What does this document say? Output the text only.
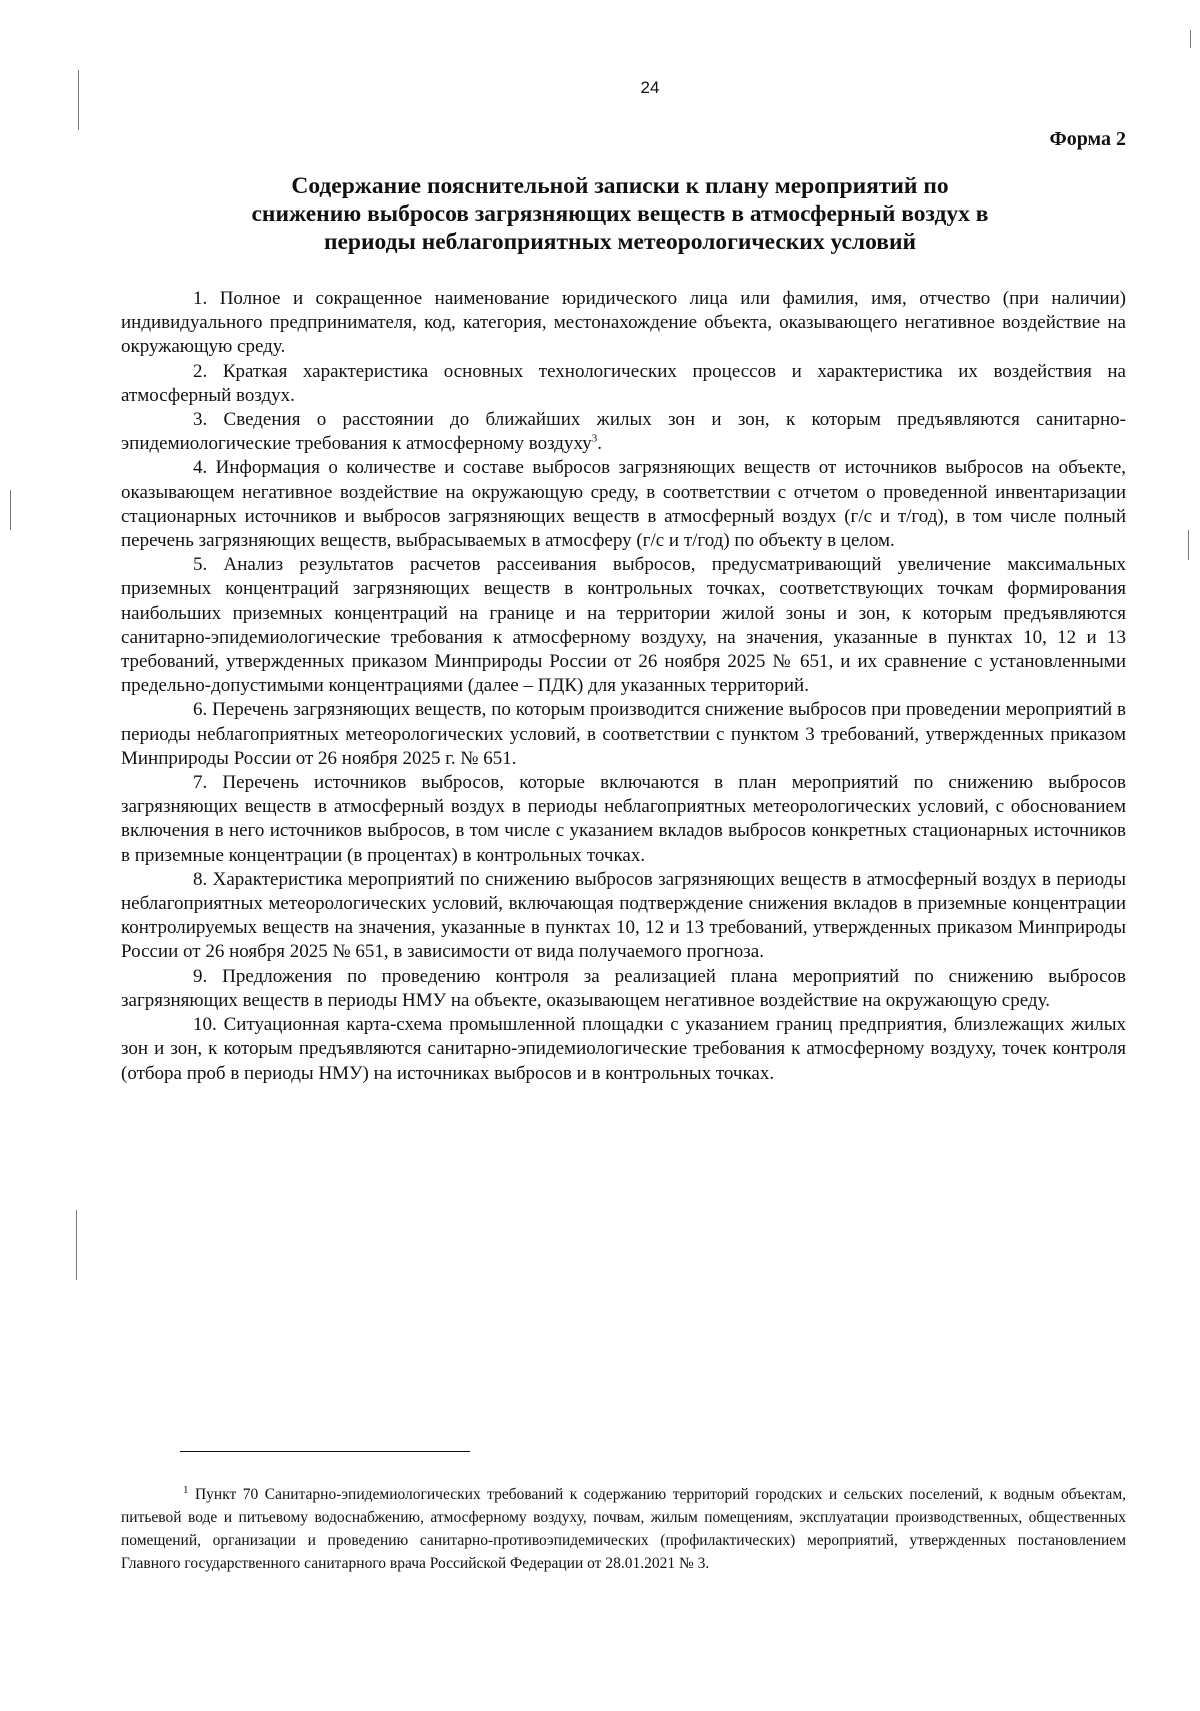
24
Форма 2
Содержание пояснительной записки к плану мероприятий по
снижению выбросов загрязняющих веществ в атмосферный воздух в
периоды неблагоприятных метеорологических условий

1. Полное и сокращенное наименование юридического лица или фамилия, имя, отчество (при наличии) индивидуального предпринимателя, код, категория, местонахождение объекта, оказывающего негативное воздействие на окружающую среду.

2. Краткая характеристика основных технологических процессов и характеристика их воздействия на атмосферный воздух.

3. Сведения о расстоянии до ближайших жилых зон и зон, к которым предъявляются санитарно-эпидемиологические требования к атмосферному воздуху$^3$.

4. Информация о количестве и составе выбросов загрязняющих веществ от источников выбросов на объекте, оказывающем негативное воздействие на окружающую среду, в соответствии с отчетом о проведенной инвентаризации стационарных источников и выбросов загрязняющих веществ в атмосферный воздух (г/с и т/год), в том числе полный перечень загрязняющих веществ, выбрасываемых в атмосферу (г/с и т/год) по объекту в целом.

5. Анализ результатов расчетов рассеивания выбросов, предусматривающий увеличение максимальных приземных концентраций загрязняющих веществ в контрольных точках, соответствующих точкам формирования наибольших приземных концентраций на границе и на территории жилой зоны и зон, к которым предъявляются санитарно-эпидемиологические требования к атмосферному воздуху, на значения, указанные в пунктах 10, 12 и 13 требований, утвержденных приказом Минприроды России от 26 ноября 2025 № 651, и их сравнение с установленными предельно-допустимыми концентрациями (далее – ПДК) для указанных территорий.

6. Перечень загрязняющих веществ, по которым производится снижение выбросов при проведении мероприятий в периоды неблагоприятных метеорологических условий, в соответствии с пунктом 3 требований, утвержденных приказом Минприроды России от 26 ноября 2025 г. № 651.

7. Перечень источников выбросов, которые включаются в план мероприятий по снижению выбросов загрязняющих веществ в атмосферный воздух в периоды неблагоприятных метеорологических условий, с обоснованием включения в него источников выбросов, в том числе с указанием вкладов выбросов конкретных стационарных источников в приземные концентрации (в процентах) в контрольных точках.

8. Характеристика мероприятий по снижению выбросов загрязняющих веществ в атмосферный воздух в периоды неблагоприятных метеорологических условий, включающая подтверждение снижения вкладов в приземные концентрации контролируемых веществ на значения, указанные в пунктах 10, 12 и 13 требований, утвержденных приказом Минприроды России от 26 ноября 2025 № 651, в зависимости от вида получаемого прогноза.

9. Предложения по проведению контроля за реализацией плана мероприятий по снижению выбросов загрязняющих веществ в периоды НМУ на объекте, оказывающем негативное воздействие на окружающую среду.

10. Ситуационная карта-схема промышленной площадки с указанием границ предприятия, близлежащих жилых зон и зон, к которым предъявляются санитарно-эпидемиологические требования к атмосферному воздуху, точек контроля (отбора проб в периоды НМУ) на источниках выбросов и в контрольных точках.

$^1$ Пункт 70 Санитарно-эпидемиологических требований к содержанию территорий городских и сельских поселений, к водным объектам, питьевой воде и питьевому водоснабжению, атмосферному воздуху, почвам, жилым помещениям, эксплуатации производственных, общественных помещений, организации и проведению санитарно-противоэпидемических (профилактических) мероприятий, утвержденных постановлением Главного государственного санитарного врача Российской Федерации от 28.01.2021 № 3.
